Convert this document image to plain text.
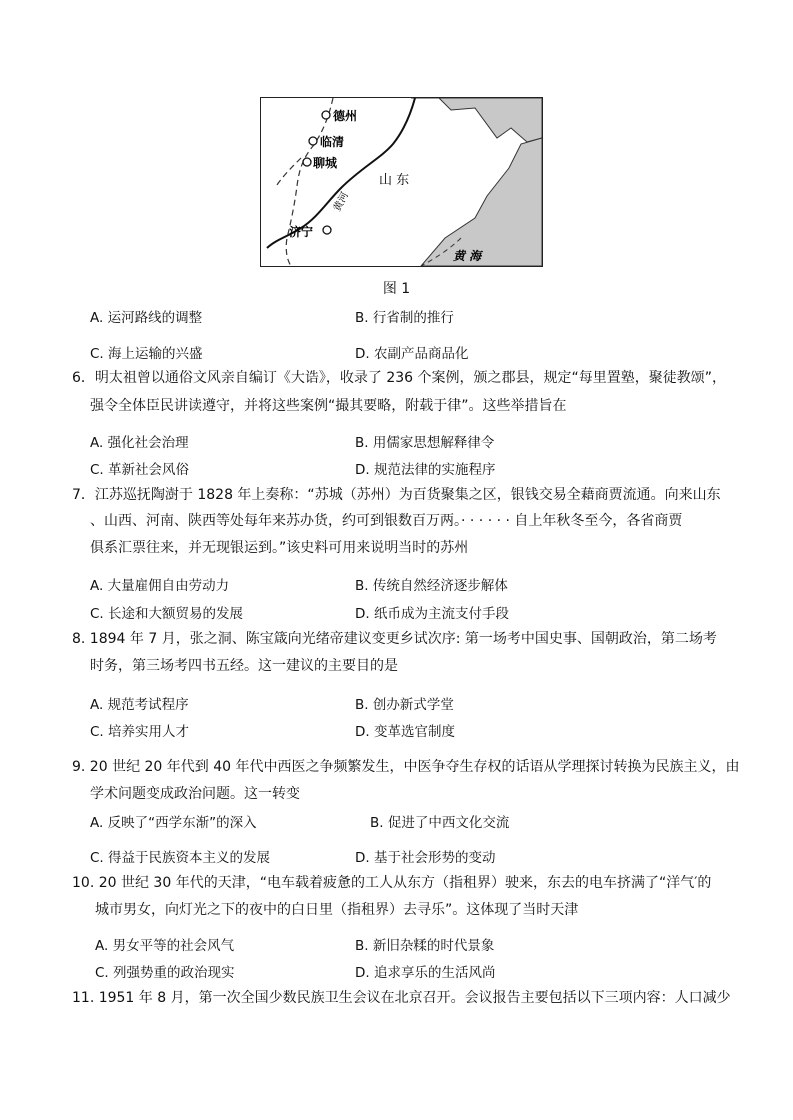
德州
临清
聊城
济宁
山 东
黄河
黄 海
图 1
A. 运河路线的调整	B. 行省制的推行
C. 海上运输的兴盛	D. 农副产品商品化
6．明太祖曾以通俗文风亲自编订《大诰》，收录了 236 个案例，颁之郡县，规定“每里置塾，聚徒教颂”，
强令全体臣民讲读遵守，并将这些案例“撮其要略，附载于律”。这些举措旨在
A. 强化社会治理	B. 用儒家思想解释律令
C. 革新社会风俗	D. 规范法律的实施程序
7．江苏巡抚陶澍于 1828 年上奏称：“苏城（苏州）为百货聚集之区，银钱交易全藉商贾流通。向来山东
、山西、河南、陕西等处每年来苏办货，约可到银数百万两。· · · · · · 自上年秋冬至今，各省商贾
俱系汇票往来，并无现银运到。”该史料可用来说明当时的苏州
A. 大量雇佣自由劳动力	B. 传统自然经济逐步解体
C. 长途和大额贸易的发展	D. 纸币成为主流支付手段
8. 1894 年 7 月，张之洞、陈宝箴向光绪帝建议变更乡试次序: 第一场考中国史事、国朝政治，第二场考
时务，第三场考四书五经。这一建议的主要目的是
A. 规范考试程序	B. 创办新式学堂
C. 培养实用人才	D. 变革选官制度
9. 20 世纪 20 年代到 40 年代中西医之争频繁发生，中医争夺生存权的话语从学理探讨转换为民族主义，由
学术问题变成政治问题。这一转变
A. 反映了“西学东渐”的深入	B. 促进了中西文化交流
C. 得益于民族资本主义的发展	D. 基于社会形势的变动
10. 20 世纪 30 年代的天津，“电车载着疲惫的工人从东方（指租界）驶来，东去的电车挤满了“洋气′的
城市男女，向灯光之下的夜中的白日里（指租界）去寻乐”。这体现了当时天津
A. 男女平等的社会风气	B. 新旧杂糅的时代景象
C. 列强势重的政治现实	D. 追求享乐的生活风尚
11. 1951 年 8 月，第一次全国少数民族卫生会议在北京召开。会议报告主要包括以下三项内容：人口减少
